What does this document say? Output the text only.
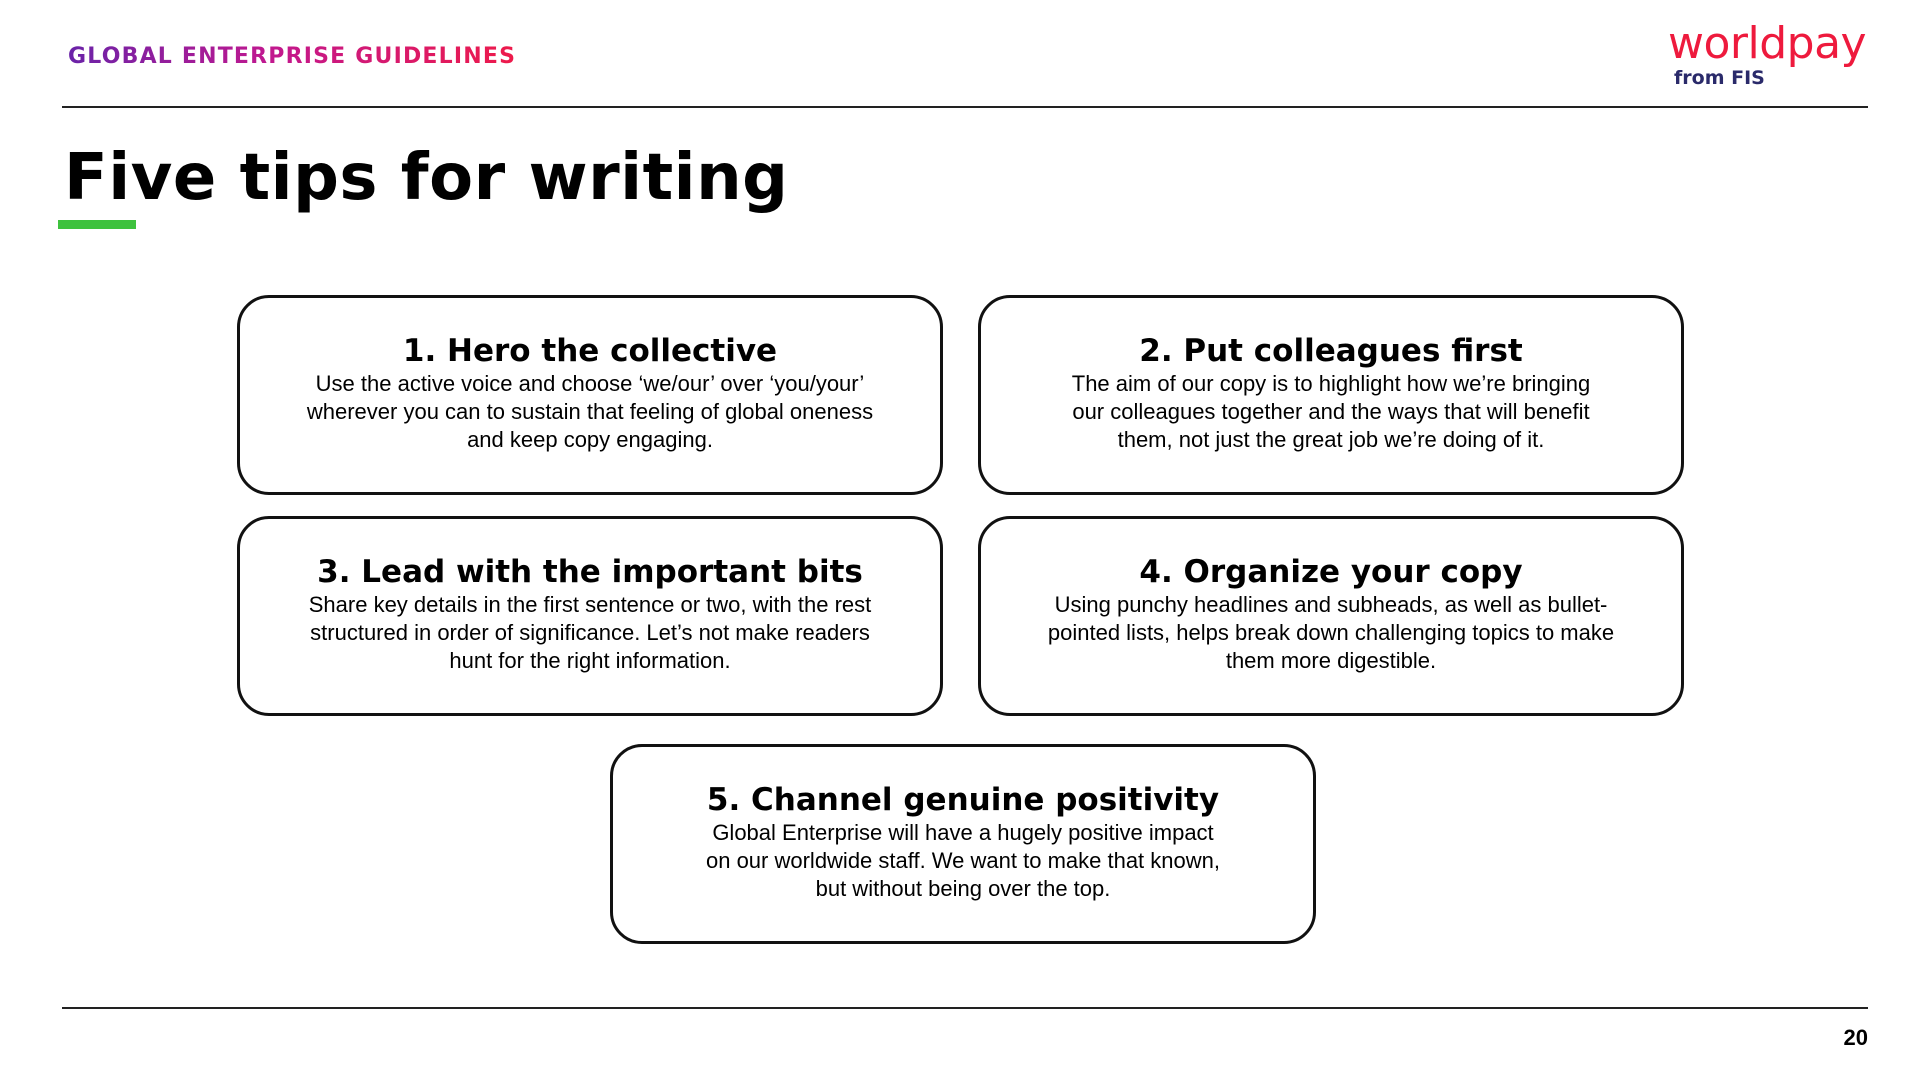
GLOBAL ENTERPRISE GUIDELINES	worldpay
from FIS
Five tips for writing
1. Hero the collective

Use the active voice and choose ‘we/our’ over ‘you/your’
wherever you can to sustain that feeling of global oneness
and keep copy engaging.

2. Put colleagues first

The aim of our copy is to highlight how we’re bringing
our colleagues together and the ways that will benefit
them, not just the great job we’re doing of it.

3. Lead with the important bits

Share key details in the first sentence or two, with the rest
structured in order of significance. Let’s not make readers
hunt for the right information.

4. Organize your copy

Using punchy headlines and subheads, as well as bullet-
pointed lists, helps break down challenging topics to make
them more digestible.

5. Channel genuine positivity

Global Enterprise will have a hugely positive impact
on our worldwide staff. We want to make that known,
but without being over the top.

20
